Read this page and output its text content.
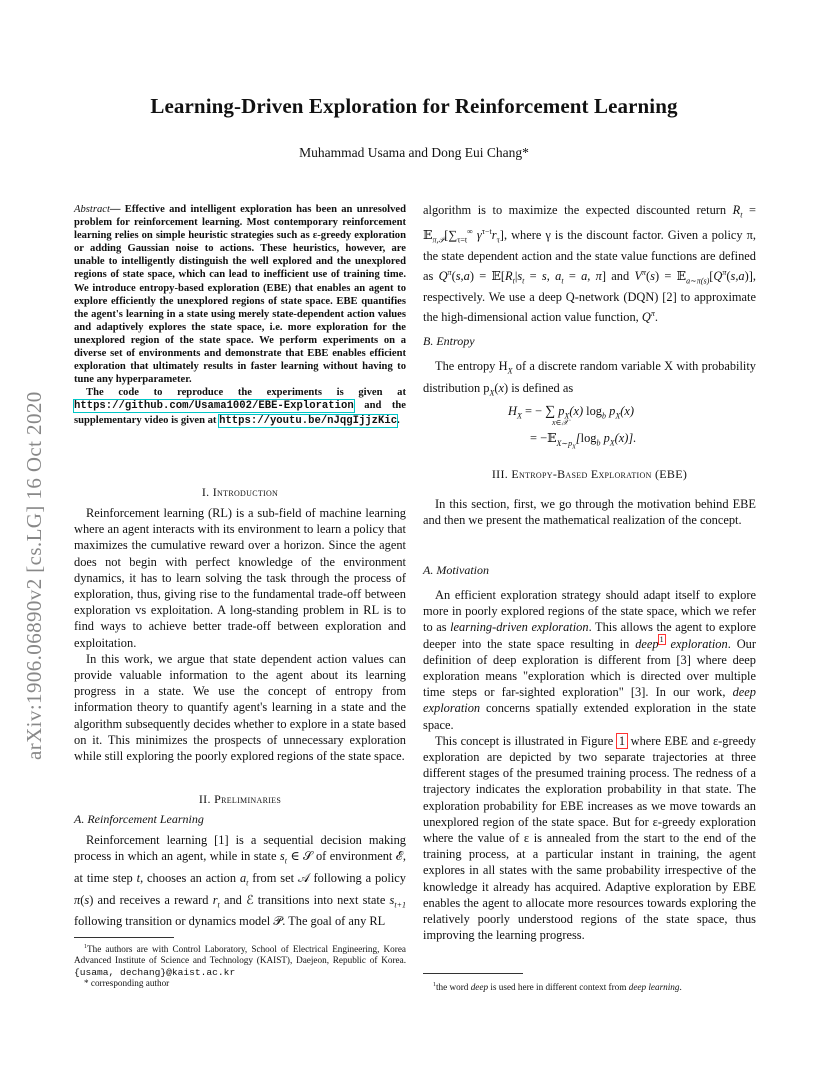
arXiv:1906.06890v2 [cs.LG] 16 Oct 2020
Learning-Driven Exploration for Reinforcement Learning
Muhammad Usama and Dong Eui Chang*

Abstract— Effective and intelligent exploration has been an unresolved problem for reinforcement learning. Most contemporary reinforcement learning relies on simple heuristic strategies such as ε-greedy exploration or adding Gaussian noise to actions. These heuristics, however, are unable to intelligently distinguish the well explored and the unexplored regions of state space, which can lead to inefficient use of training time. We introduce entropy-based exploration (EBE) that enables an agent to explore efficiently the unexplored regions of state space. EBE quantifies the agent's learning in a state using merely state-dependent action values and adaptively explores the state space, i.e. more exploration for the unexplored region of the state space. We perform experiments on a diverse set of environments and demonstrate that EBE enables efficient exploration that ultimately results in faster learning without having to tune any hyperparameter.

The code to reproduce the experiments is given at https://github.com/Usama1002/EBE-Exploration and the supplementary video is given at https://youtu.be/nJqgIjjzKic.

I. Introduction

Reinforcement learning (RL) is a sub-field of machine learning where an agent interacts with its environment to learn a policy that maximizes the cumulative reward over a horizon. Since the agent does not begin with perfect knowledge of the environment dynamics, it has to learn solving the task through the process of exploration, thus, giving rise to the fundamental trade-off between exploration vs exploitation. A long-standing problem in RL is to find ways to achieve better trade-off between exploration and exploitation.

In this work, we argue that state dependent action values can provide valuable information to the agent about its learning progress in a state. We use the concept of entropy from information theory to quantify agent's learning in a state and the algorithm subsequently decides whether to explore in a state based on it. This minimizes the prospects of unnecessary exploration while still exploring the poorly explored regions of the state space.

II. Preliminaries
A. Reinforcement Learning

Reinforcement learning [1] is a sequential decision making process in which an agent, while in state $s_t$ ∈ 𝒮 of environment ℰ, at time step t, chooses an action $a_t$ from set 𝒜 following a policy π(s) and receives a reward $r_t$ and ℰ transitions into next state $s_{t+1}$ following transition or dynamics model 𝒫. The goal of any RL

$^1$The authors are with Control Laboratory, School of Electrical Engineering, Korea Advanced Institute of Science and Technology (KAIST), Daejeon, Republic of Korea. {usama, dechang}@kaist.ac.kr
* corresponding author

algorithm is to maximize the expected discounted return $R_t$ = $𝔼_{\pi,𝒫}[\sum_{\tau=t}^\infty$ $\gamma^{\tau-t}r_\tau$], where γ is the discount factor. Given a policy π, the state dependent action and the state value functions are defined as $Q^\pi(s,a)$ = $𝔼[R_t|s_t = s$, $a_t = a$, π] and $V^\pi(s)$ = $𝔼_{a\sim\pi(s)}[Q^\pi(s,a)]$, respectively. We use a deep Q-network (DQN) [2] to approximate the high-dimensional action value function, $Q^\pi$.

B. Entropy

The entropy $H_X$ of a discrete random variable X with probability distribution $p_X(x)$ is defined as

$H_X$ = − ∑ $p_X(x)$ $\log_b p_X(x)$
x∈𝒳
= $-𝔼_{X\sim p_X}[\log_b$ $p_X(x)$].
III. Entropy-Based Exploration (EBE)

In this section, first, we go through the motivation behind EBE and then we present the mathematical realization of the concept.

A. Motivation

An efficient exploration strategy should adapt itself to explore more in poorly explored regions of the state space, which we refer to as learning-driven exploration. This allows the agent to explore deeper into the state space resulting in deep$^1$ exploration. Our definition of deep exploration is different from [3] where deep exploration means "exploration which is directed over multiple time steps or far-sighted exploration" [3]. In our work, deep exploration concerns spatially extended exploration in the state space.

This concept is illustrated in Figure 1 where EBE and ε-greedy exploration are depicted by two separate trajectories at three different stages of the presumed training process. The redness of a trajectory indicates the exploration probability in that state. The exploration probability for EBE increases as we move towards an unexplored region of the state space. But for ε-greedy exploration where the value of ε is annealed from the start to the end of the training process, at a particular instant in training, the agent explores in all states with the same probability irrespective of the knowledge it already has acquired. Adaptive exploration by EBE enables the agent to allocate more resources towards exploring the relatively poorly understood regions of the state space, thus improving the learning progress.

$^1$the word deep is used here in different context from deep learning.
